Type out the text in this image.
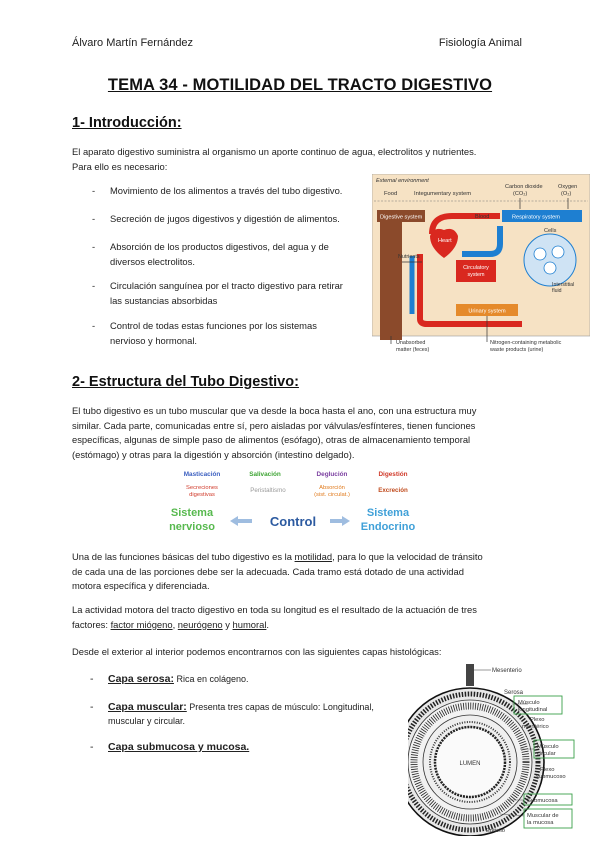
Álvaro Martín Fernández	Fisiología Animal
TEMA 34 - MOTILIDAD DEL TRACTO DIGESTIVO
1- Introducción:
El aparato digestivo suministra al organismo un aporte continuo de agua, electrolitos y nutrientes.
Para ello es necesario:
- Movimiento de los alimentos a través del tubo digestivo.
- Secreción de jugos digestivos y digestión de alimentos.
- Absorción de los productos digestivos, del agua y de
diversos electrolitos.
- Circulación sanguínea por el tracto digestivo para retirar
las sustancias absorbidas
- Control de todas estas funciones por los sistemas
nervioso y hormonal.
External environment
Food	Integumentary system
Carbon dioxide
(CO₂)
Oxygen
(O₂)
Digestive system	Respiratory system
Blood
Heart
Nutrients
Circulatory
system
Cells
Interstitial
fluid
Urinary system
Unabsorbed
matter (feces)
Nitrogen-containing metabolic
waste products (urine)
2- Estructura del Tubo Digestivo:
El tubo digestivo es un tubo muscular que va desde la boca hasta el ano, con una estructura muy
similar. Cada parte, comunicadas entre sí, pero aisladas por válvulas/esfínteres, tienen funciones
específicas, algunas de simple paso de alimentos (esófago), otras de almacenamiento temporal
(estómago) y otras para la digestión y absorción (intestino delgado).
Masticación	Salivación	Deglución	Digestión
Secreciones
digestivas
Peristaltismo	Absorción
(sist. circulat.)
Excreción
Sistema
nervioso	Control
Sistema
Endocrino
Una de las funciones básicas del tubo digestivo es la motilidad, para lo que la velocidad de tránsito
de cada una de las porciones debe ser la adecuada. Cada tramo está dotado de una actividad
motora específica y diferenciada.
La actividad motora del tracto digestivo en toda su longitud es el resultado de la actuación de tres
factores: factor miógeno, neurógeno y humoral.
Desde el exterior al interior podemos encontrarnos con las siguientes capas histológicas:
- Capa serosa: Rica en colágeno.
- Capa muscular: Presenta tres capas de músculo: Longitudinal,
muscular y circular.
- Capa submucosa y mucosa.
LUMEN
Mesenterio
Serosa
Músculo
longitudinal
Plexo
mientérico
Músculo
circular
Plexo
submucoso
Submucosa
Muscular de
la mucosa
Epitelio
